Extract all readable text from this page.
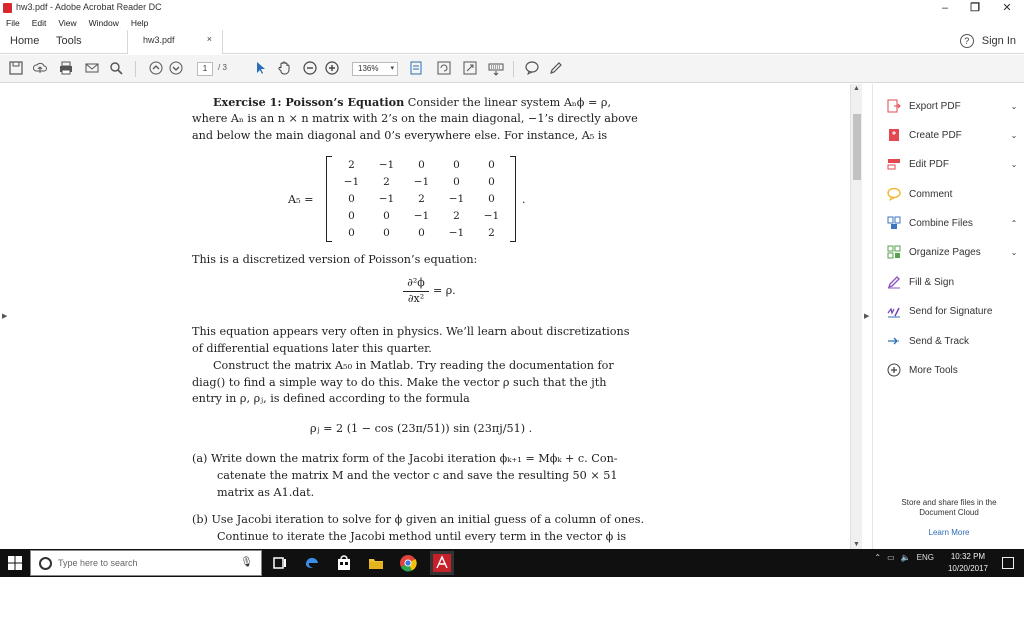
hw3.pdf - Adobe Acrobat Reader DC	–	❐	✕
File Edit View Window Help
Home Tools	hw3.pdf	×	?	Sign In
1	/ 3	136% ▾
▶

Exercise 1: Poisson’s Equation Consider the linear system Aₙϕ = ρ,

where Aₙ is an n × n matrix with 2’s on the main diagonal, −1’s directly above

and below the main diagonal and 0’s everywhere else. For instance, A₅ is

A₅ =
2	−1	0	0	0
−1	2	−1	0	0
0	−1	2	−1	0
0	0	−1	2	−1
0	0	0	−1	2
.

This is a discretized version of Poisson’s equation:

∂²ϕ
∂x²
= ρ.

This equation appears very often in physics. We’ll learn about discretizations

of differential equations later this quarter.

Construct the matrix A₅₀ in Matlab. Try reading the documentation for

diag() to find a simple way to do this. Make the vector ρ such that the jth

entry in ρ, ρⱼ, is defined according to the formula

ρⱼ = 2 (1 − cos (23π/51)) sin (23πj/51) .

(a) Write down the matrix form of the Jacobi iteration ϕₖ₊₁ = Mϕₖ + c. Con-

catenate the matrix M and the vector c and save the resulting 50 × 51

matrix as A1.dat.

(b) Use Jacobi iteration to solve for ϕ given an initial guess of a column of ones.

Continue to iterate the Jacobi method until every term in the vector ϕ is

▲
▼
▶
Export PDF	⌄
Create PDF	⌄
Edit PDF	⌄
Comment
Combine Files	⌃
Organize Pages	⌄
Fill & Sign
Send for Signature
Send & Track
More Tools
Store and share files in the
Document Cloud
Learn More
Type here to search	🎙	⌃ ▭ 🔈 ENG	10:32 PM
10/20/2017
